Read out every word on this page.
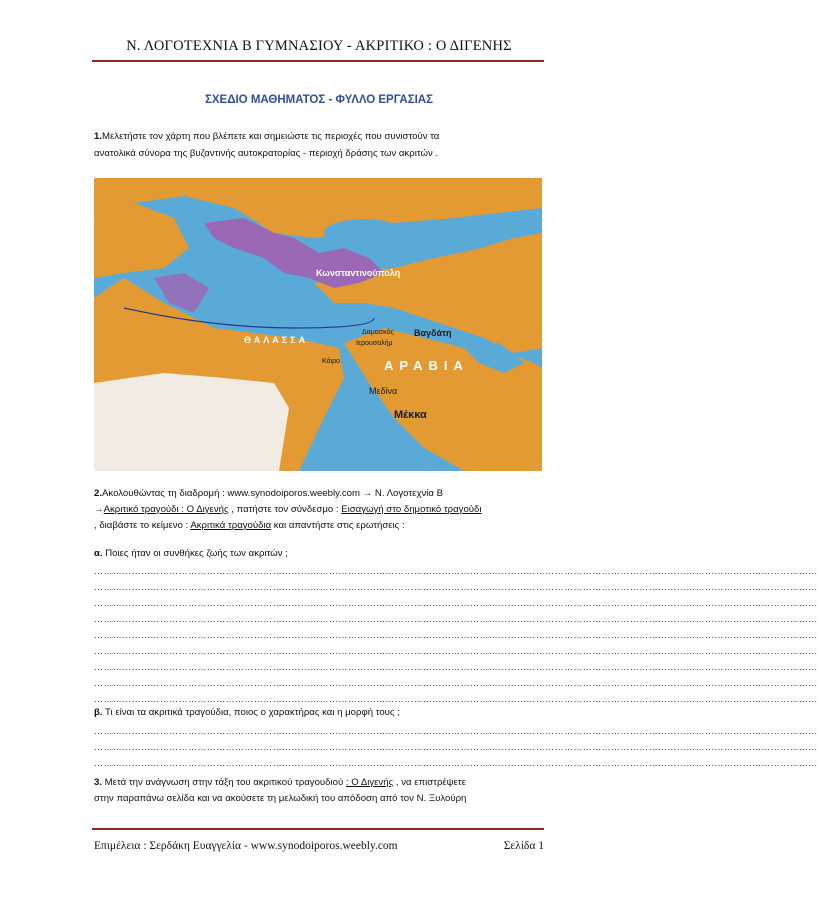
Ν. ΛΟΓΟΤΕΧΝΙΑ Β ΓΥΜΝΑΣΙΟΥ - ΑΚΡΙΤΙΚΟ : Ο ΔΙΓΕΝΗΣ
ΣΧΕΔΙΟ ΜΑΘΗΜΑΤΟΣ - ΦΥΛΛΟ ΕΡΓΑΣΙΑΣ
1.Μελετήστε τον χάρτη που βλέπετε και σημειώστε τις περιοχές που συνιστούν τα
ανατολικά σύνορα της βυζαντινής αυτοκρατορίας - περιοχή δράσης των ακριτών .
Κωνσταντινούπολη
Βαγδάτη
Δαμασκός
Ιερουσαλήμ
Κάιρο
Μεδίνα
Μέκκα
ΑΡΑΒΙΑ
ΘΑΛΑΣΣΑ
2.Ακολουθώντας τη διαδρομή : www.synodoiporos.weebly.com → Ν. Λογοτεχνία Β
→Ακριτικό τραγούδι : Ο Διγενής , πατήστε τον σύνδεσμο : Εισαγωγή στο δημοτικό τραγούδι
, διαβάστε το κείμενο : Ακριτικά τραγούδια και απαντήστε στις ερωτήσεις :
α. Ποιες ήταν οι συνθήκες ζωής των ακριτών ;
……………………………………………………………………………………………………………………………………………………………………………………………………………
……………………………………………………………………………………………………………………………………………………………………………………………………………
……………………………………………………………………………………………………………………………………………………………………………………………………………
……………………………………………………………………………………………………………………………………………………………………………………………………………
……………………………………………………………………………………………………………………………………………………………………………………………………………
……………………………………………………………………………………………………………………………………………………………………………………………………………
……………………………………………………………………………………………………………………………………………………………………………………………………………
……………………………………………………………………………………………………………………………………………………………………………………………………………
……………………………………………………………………………………………………………………………………………………………………………………………………………
β. Τι είναι τα ακριτικά τραγούδια, ποιος ο χαρακτήρας και η μορφή τους ;
……………………………………………………………………………………………………………………………………………………………………………………………………………
……………………………………………………………………………………………………………………………………………………………………………………………………………
……………………………………………………………………………………………………………………………………………………………………………………………………………
3. Μετά την ανάγνωση στην τάξη του ακριτικού τραγουδιού : Ο Διγενής , να επιστρέψετε
στην παραπάνω σελίδα και να ακούσετε τη μελωδική του απόδοση από τον Ν. Ξυλούρη
Επιμέλεια : Σερδάκη Ευαγγελία - www.synodoiporos.weebly.com	Σελίδα 1
